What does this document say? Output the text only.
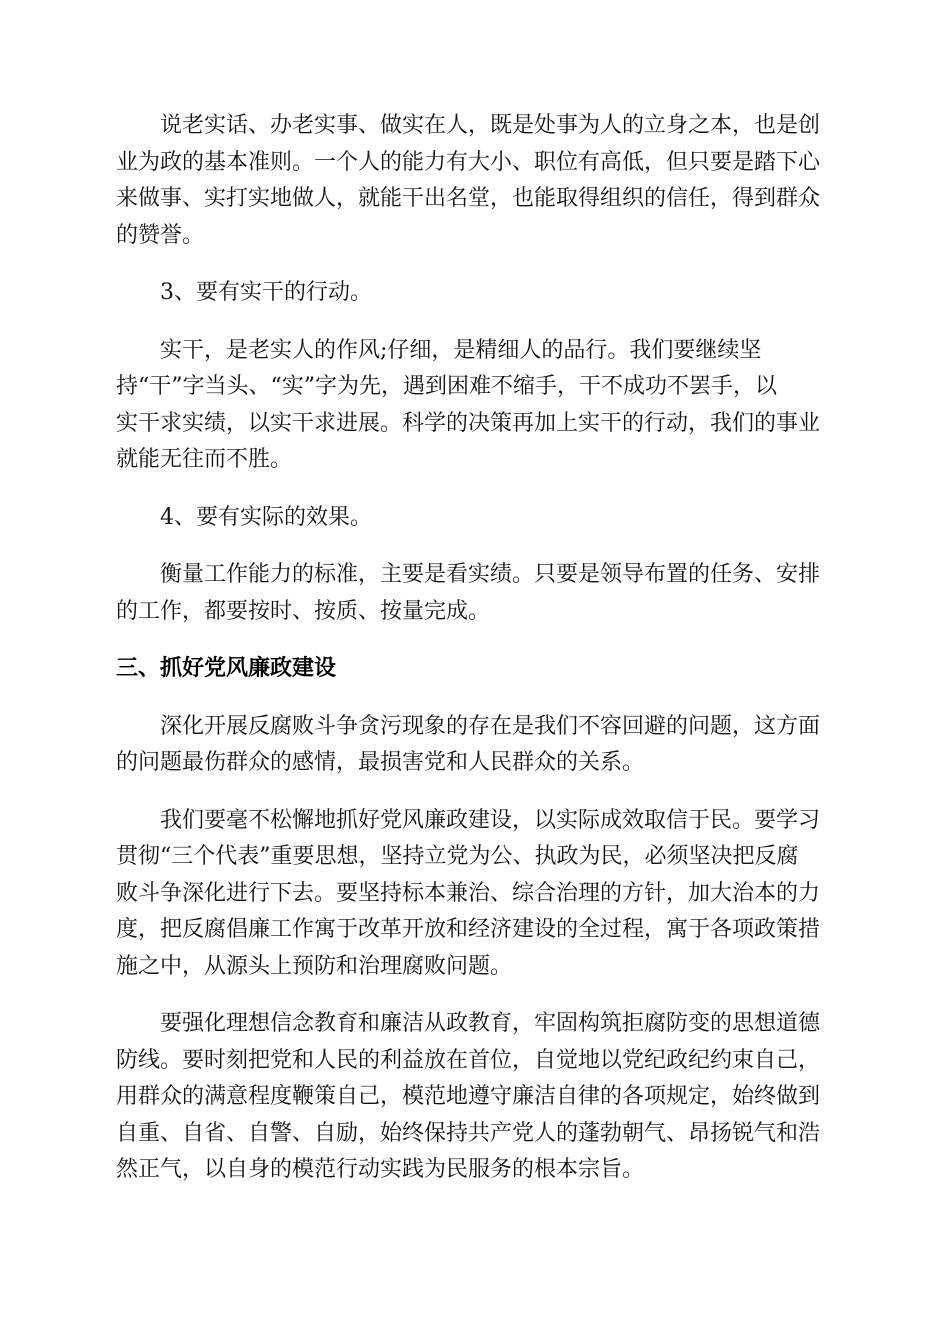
说老实话、办老实事、做实在人，既是处事为人的立身之本，也是创
业为政的基本准则。一个人的能力有大小、职位有高低，但只要是踏下心
来做事、实打实地做人，就能干出名堂，也能取得组织的信任，得到群众
的赞誉。

3、要有实干的行动。

实干，是老实人的作风;仔细，是精细人的品行。我们要继续坚
持“干”字当头、“实”字为先，遇到困难不缩手，干不成功不罢手，以
实干求实绩，以实干求进展。科学的决策再加上实干的行动，我们的事业
就能无往而不胜。

4、要有实际的效果。

衡量工作能力的标准，主要是看实绩。只要是领导布置的任务、安排
的工作，都要按时、按质、按量完成。

三、抓好党风廉政建设

深化开展反腐败斗争贪污现象的存在是我们不容回避的问题，这方面
的问题最伤群众的感情，最损害党和人民群众的关系。

我们要毫不松懈地抓好党风廉政建设，以实际成效取信于民。要学习
贯彻“三个代表”重要思想，坚持立党为公、执政为民，必须坚决把反腐
败斗争深化进行下去。要坚持标本兼治、综合治理的方针，加大治本的力
度，把反腐倡廉工作寓于改革开放和经济建设的全过程，寓于各项政策措
施之中，从源头上预防和治理腐败问题。

要强化理想信念教育和廉洁从政教育，牢固构筑拒腐防变的思想道德
防线。要时刻把党和人民的利益放在首位，自觉地以党纪政纪约束自己，
用群众的满意程度鞭策自己，模范地遵守廉洁自律的各项规定，始终做到
自重、自省、自警、自励，始终保持共产党人的蓬勃朝气、昂扬锐气和浩
然正气，以自身的模范行动实践为民服务的根本宗旨。
